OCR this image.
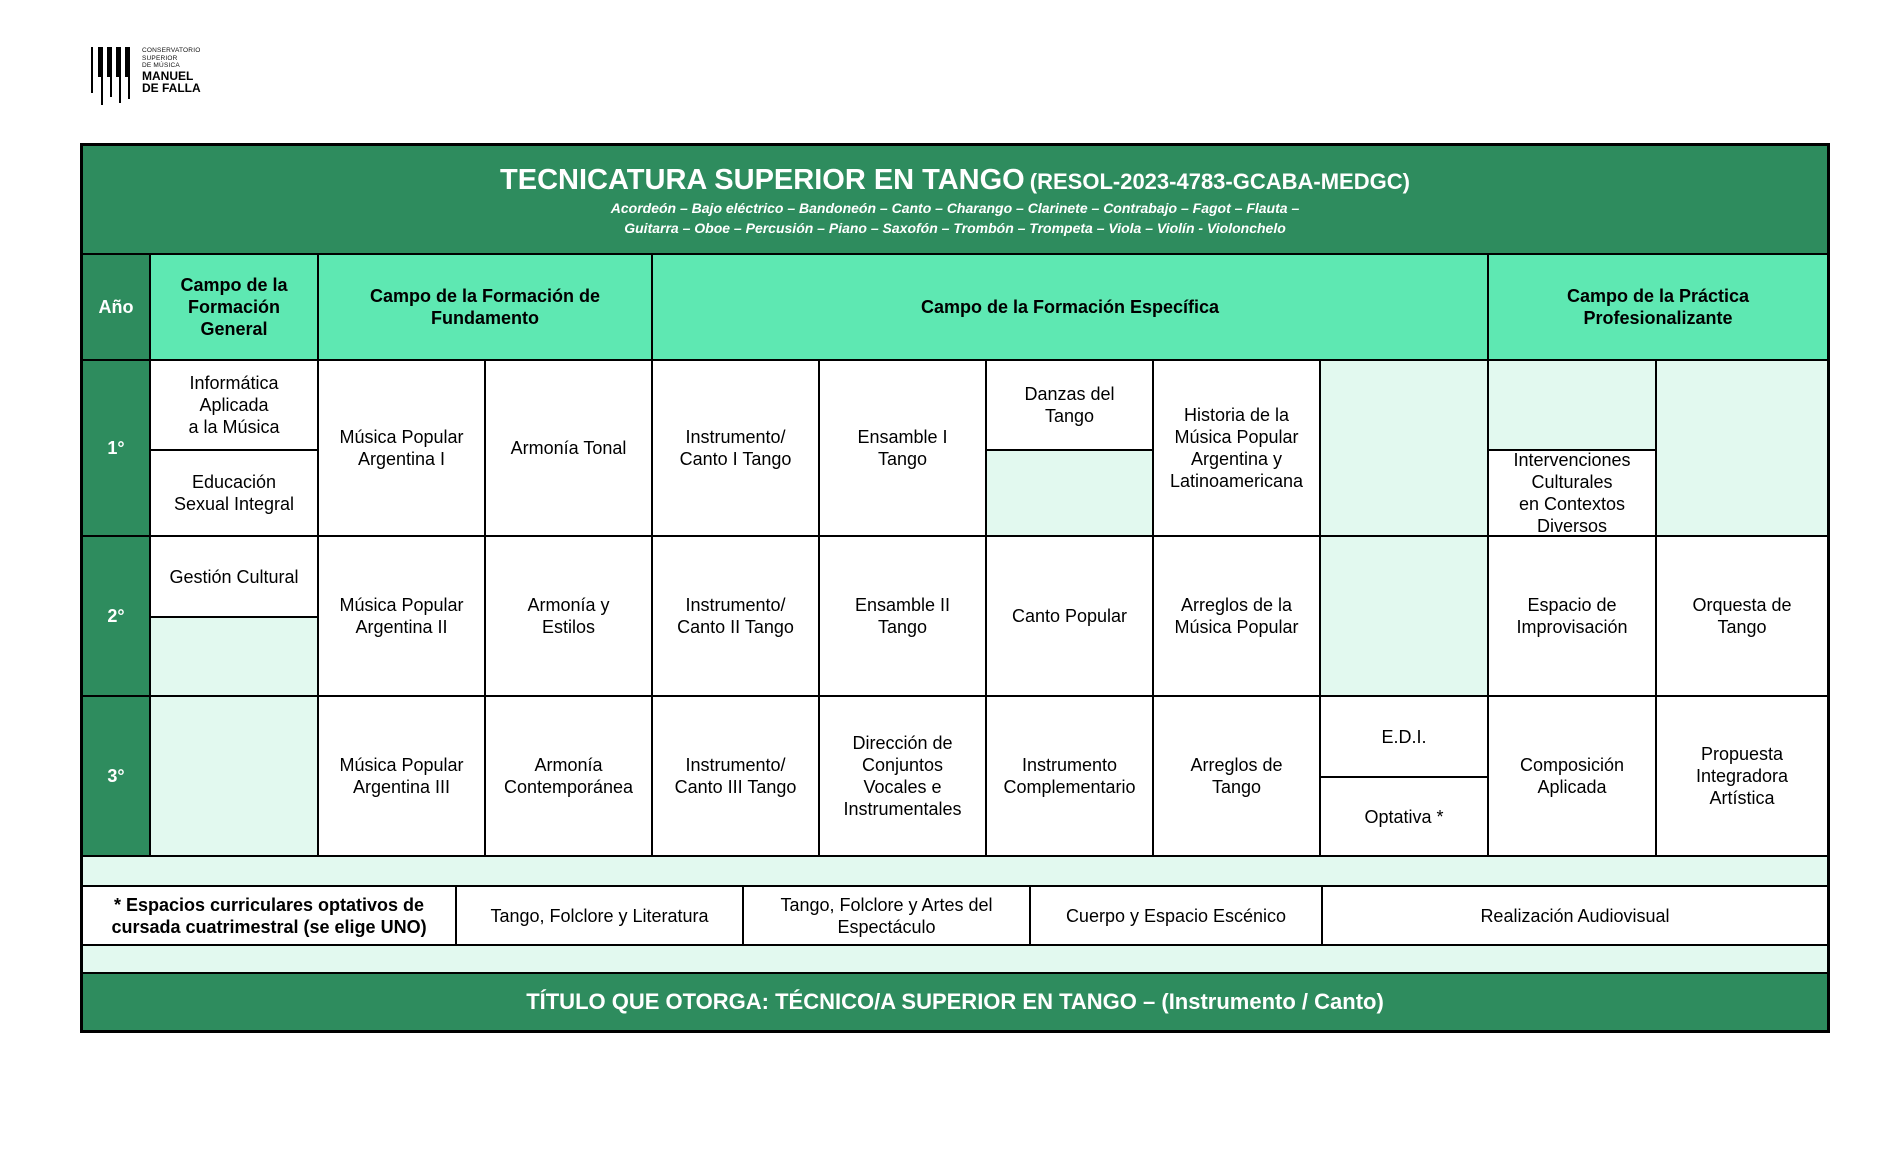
CONSERVATORIO
SUPERIOR
DE MÚSICA
MANUEL
DE FALLA
TECNICATURA SUPERIOR EN TANGO (RESOL-2023-4783-GCABA-MEDGC)
Acordeón – Bajo eléctrico – Bandoneón – Canto – Charango – Clarinete – Contrabajo – Fagot – Flauta –
Guitarra – Oboe – Percusión – Piano – Saxofón – Trombón – Trompeta – Viola – Violín - Violonchelo
Año
Campo de la
Formación
General
Campo de la Formación de
Fundamento
Campo de la Formación Específica
Campo de la Práctica
Profesionalizante
1°
Informática
Aplicada
a la Música
Educación
Sexual Integral
Música Popular
Argentina I
Armonía Tonal
Instrumento/
Canto I Tango
Ensamble I
Tango
Danzas del
Tango	Historia de la
Música Popular
Argentina y
Latinoamericana
Intervenciones
Culturales
en Contextos
Diversos
2°
Gestión Cultural
Música Popular
Argentina II
Armonía y
Estilos
Instrumento/
Canto II Tango
Ensamble II
Tango
Canto Popular
Arreglos de la
Música Popular
Espacio de
Improvisación
Orquesta de
Tango
3°
Música Popular
Argentina III
Armonía
Contemporánea
Instrumento/
Canto III Tango
Dirección de
Conjuntos
Vocales e
Instrumentales
Instrumento
Complementario
Arreglos de
Tango
E.D.I.
Optativa *
Composición
Aplicada
Propuesta
Integradora
Artística
* Espacios curriculares optativos de
cursada cuatrimestral (se elige UNO)
Tango, Folclore y Literatura
Tango, Folclore y Artes del
Espectáculo
Cuerpo y Espacio Escénico	Realización Audiovisual
TÍTULO QUE OTORGA: TÉCNICO/A SUPERIOR EN TANGO – (Instrumento / Canto)
